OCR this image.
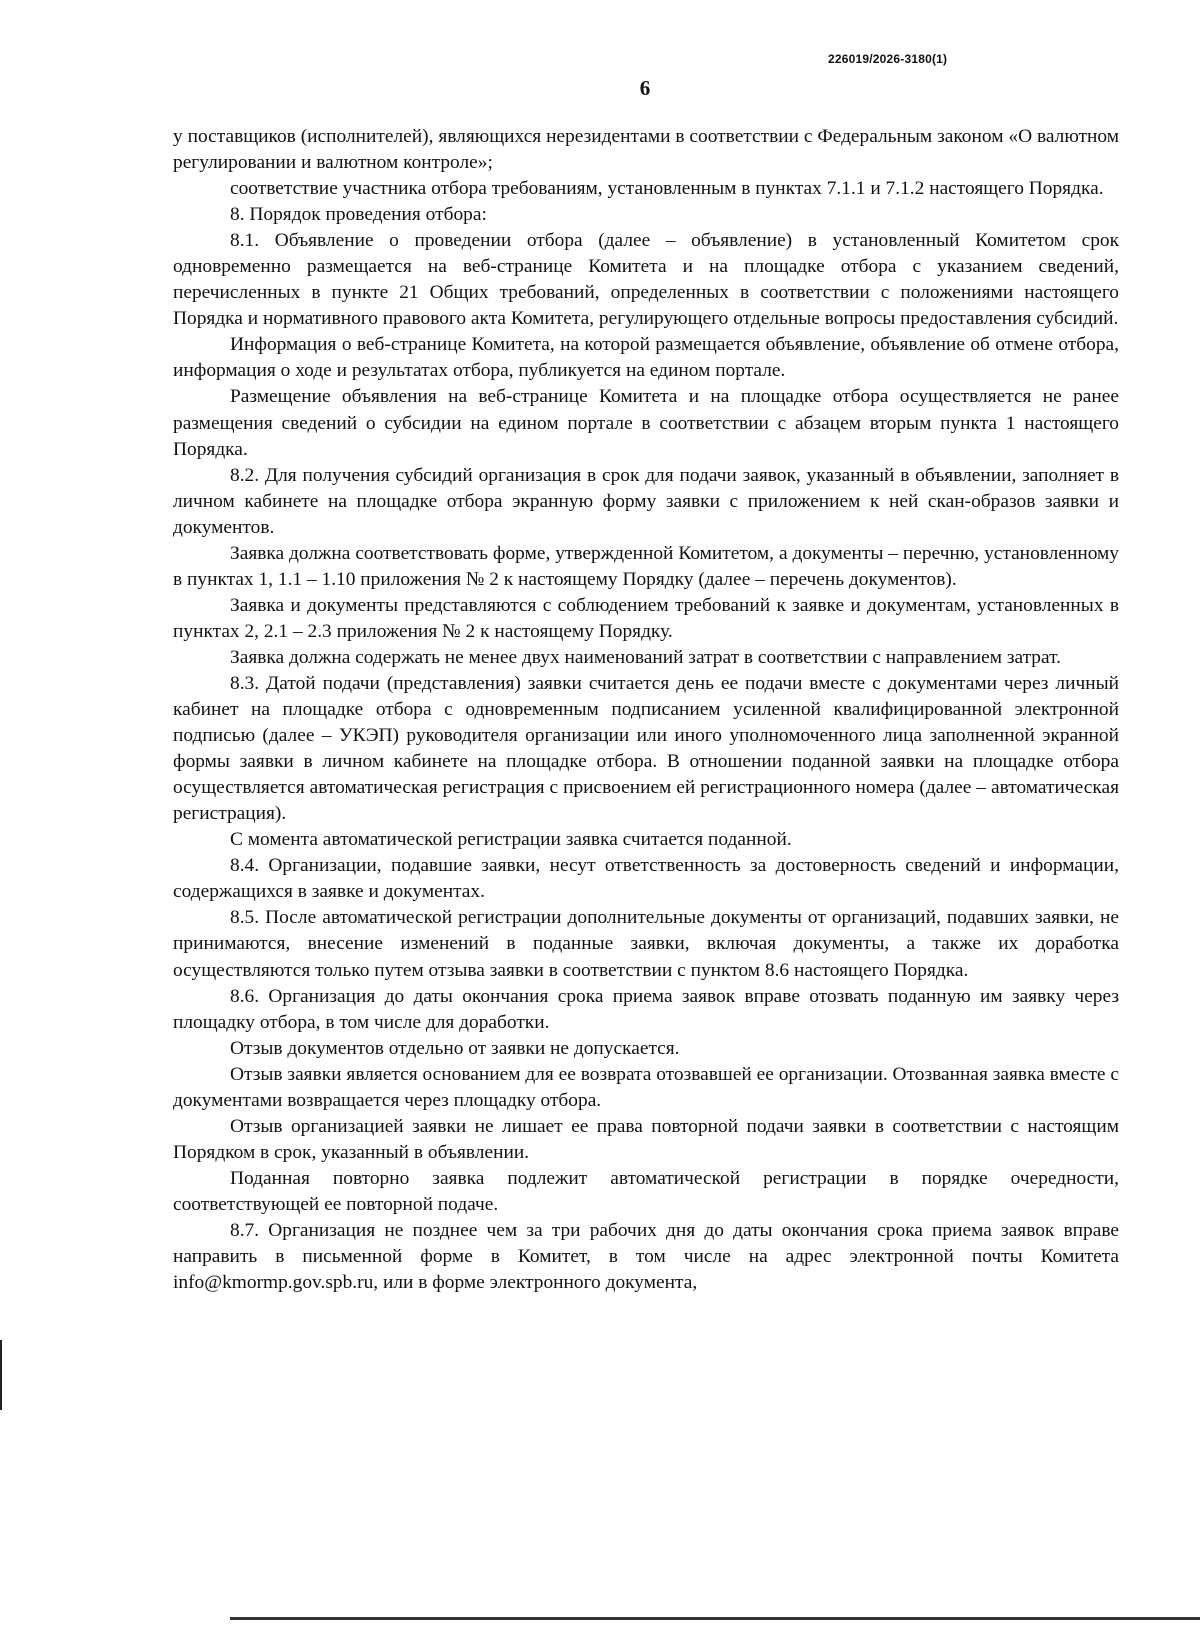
226019/2026-3180(1)
6

у поставщиков (исполнителей), являющихся нерезидентами в соответствии с Федеральным законом «О валютном регулировании и валютном контроле»;

соответствие участника отбора требованиям, установленным в пунктах 7.1.1 и 7.1.2 настоящего Порядка.

8. Порядок проведения отбора:

8.1. Объявление о проведении отбора (далее – объявление) в установленный Комитетом срок одновременно размещается на веб-странице Комитета и на площадке отбора с указанием сведений, перечисленных в пункте 21 Общих требований, определенных в соответствии с положениями настоящего Порядка и нормативного правового акта Комитета, регулирующего отдельные вопросы предоставления субсидий.

Информация о веб-странице Комитета, на которой размещается объявление, объявление об отмене отбора, информация о ходе и результатах отбора, публикуется на едином портале.

Размещение объявления на веб-странице Комитета и на площадке отбора осуществляется не ранее размещения сведений о субсидии на едином портале в соответствии с абзацем вторым пункта 1 настоящего Порядка.

8.2. Для получения субсидий организация в срок для подачи заявок, указанный в объявлении, заполняет в личном кабинете на площадке отбора экранную форму заявки с приложением к ней скан-образов заявки и документов.

Заявка должна соответствовать форме, утвержденной Комитетом, а документы – перечню, установленному в пунктах 1, 1.1 – 1.10 приложения № 2 к настоящему Порядку (далее – перечень документов).

Заявка и документы представляются с соблюдением требований к заявке и документам, установленных в пунктах 2, 2.1 – 2.3 приложения № 2 к настоящему Порядку.

Заявка должна содержать не менее двух наименований затрат в соответствии с направлением затрат.

8.3. Датой подачи (представления) заявки считается день ее подачи вместе с документами через личный кабинет на площадке отбора с одновременным подписанием усиленной квалифицированной электронной подписью (далее – УКЭП) руководителя организации или иного уполномоченного лица заполненной экранной формы заявки в личном кабинете на площадке отбора. В отношении поданной заявки на площадке отбора осуществляется автоматическая регистрация с присвоением ей регистрационного номера (далее – автоматическая регистрация).

С момента автоматической регистрации заявка считается поданной.

8.4. Организации, подавшие заявки, несут ответственность за достоверность сведений и информации, содержащихся в заявке и документах.

8.5. После автоматической регистрации дополнительные документы от организаций, подавших заявки, не принимаются, внесение изменений в поданные заявки, включая документы, а также их доработка осуществляются только путем отзыва заявки в соответствии с пунктом 8.6 настоящего Порядка.

8.6. Организация до даты окончания срока приема заявок вправе отозвать поданную им заявку через площадку отбора, в том числе для доработки.

Отзыв документов отдельно от заявки не допускается.

Отзыв заявки является основанием для ее возврата отозвавшей ее организации. Отозванная заявка вместе с документами возвращается через площадку отбора.

Отзыв организацией заявки не лишает ее права повторной подачи заявки в соответствии с настоящим Порядком в срок, указанный в объявлении.

Поданная повторно заявка подлежит автоматической регистрации в порядке очередности, соответствующей ее повторной подаче.

8.7. Организация не позднее чем за три рабочих дня до даты окончания срока приема заявок вправе направить в письменной форме в Комитет, в том числе на адрес электронной почты Комитета info@kmormp.gov.spb.ru, или в форме электронного документа,
